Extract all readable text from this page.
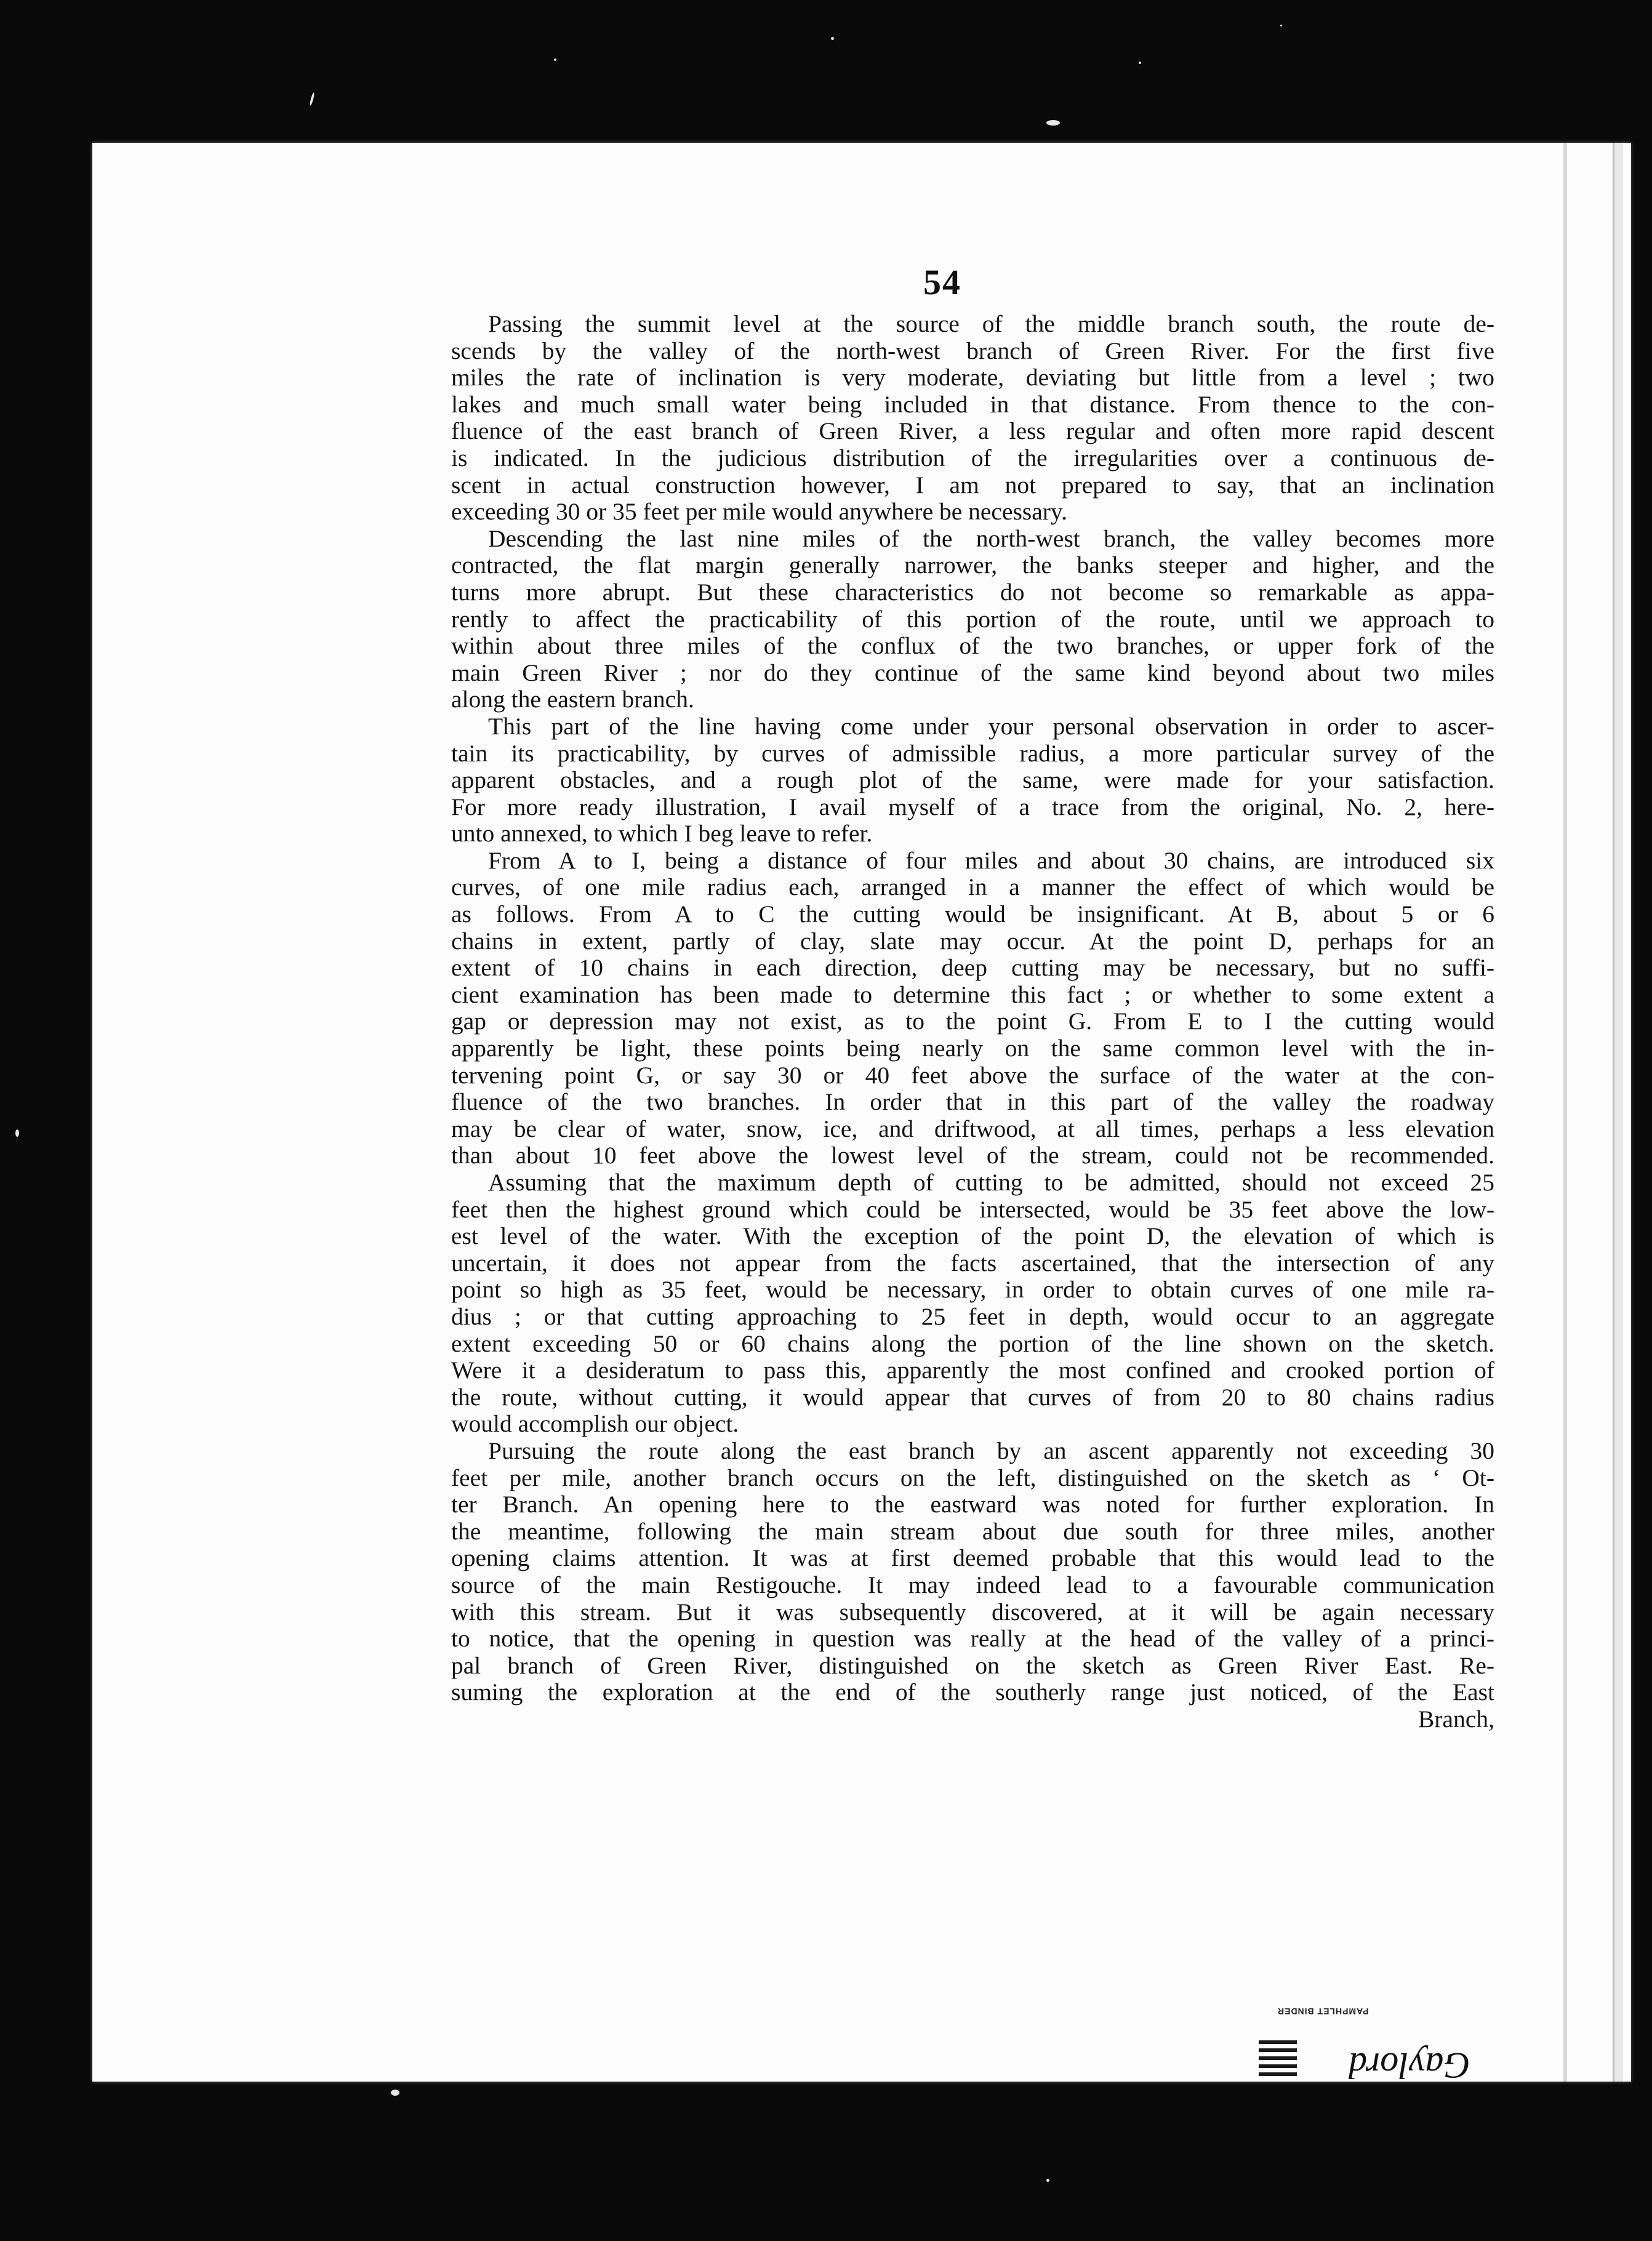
54
Passing the summit level at the source of the middle branch south, the route de-
scends by the valley of the north-west branch of Green River. For the first five
miles the rate of inclination is very moderate, deviating but little from a level ; two
lakes and much small water being included in that distance. From thence to the con-
fluence of the east branch of Green River, a less regular and often more rapid descent
is indicated. In the judicious distribution of the irregularities over a continuous de-
scent in actual construction however, I am not prepared to say, that an inclination
exceeding 30 or 35 feet per mile would anywhere be necessary.
Descending the last nine miles of the north-west branch, the valley becomes more
contracted, the flat margin generally narrower, the banks steeper and higher, and the
turns more abrupt. But these characteristics do not become so remarkable as appa-
rently to affect the practicability of this portion of the route, until we approach to
within about three miles of the conflux of the two branches, or upper fork of the
main Green River ; nor do they continue of the same kind beyond about two miles
along the eastern branch.
This part of the line having come under your personal observation in order to ascer-
tain its practicability, by curves of admissible radius, a more particular survey of the
apparent obstacles, and a rough plot of the same, were made for your satisfaction.
For more ready illustration, I avail myself of a trace from the original, No. 2, here-
unto annexed, to which I beg leave to refer.
From A to I, being a distance of four miles and about 30 chains, are introduced six
curves, of one mile radius each, arranged in a manner the effect of which would be
as follows. From A to C the cutting would be insignificant. At B, about 5 or 6
chains in extent, partly of clay, slate may occur. At the point D, perhaps for an
extent of 10 chains in each direction, deep cutting may be necessary, but no suffi-
cient examination has been made to determine this fact ; or whether to some extent a
gap or depression may not exist, as to the point G. From E to I the cutting would
apparently be light, these points being nearly on the same common level with the in-
tervening point G, or say 30 or 40 feet above the surface of the water at the con-
fluence of the two branches. In order that in this part of the valley the roadway
may be clear of water, snow, ice, and driftwood, at all times, perhaps a less elevation
than about 10 feet above the lowest level of the stream, could not be recommended.
Assuming that the maximum depth of cutting to be admitted, should not exceed 25
feet then the highest ground which could be intersected, would be 35 feet above the low-
est level of the water. With the exception of the point D, the elevation of which is
uncertain, it does not appear from the facts ascertained, that the intersection of any
point so high as 35 feet, would be necessary, in order to obtain curves of one mile ra-
dius ; or that cutting approaching to 25 feet in depth, would occur to an aggregate
extent exceeding 50 or 60 chains along the portion of the line shown on the sketch.
Were it a desideratum to pass this, apparently the most confined and crooked portion of
the route, without cutting, it would appear that curves of from 20 to 80 chains radius
would accomplish our object.
Pursuing the route along the east branch by an ascent apparently not exceeding 30
feet per mile, another branch occurs on the left, distinguished on the sketch as ‘ Ot-
ter Branch. An opening here to the eastward was noted for further exploration. In
the meantime, following the main stream about due south for three miles, another
opening claims attention. It was at first deemed probable that this would lead to the
source of the main Restigouche. It may indeed lead to a favourable communication
with this stream. But it was subsequently discovered, at it will be again necessary
to notice, that the opening in question was really at the head of the valley of a princi-
pal branch of Green River, distinguished on the sketch as Green River East. Re-
suming the exploration at the end of the southerly range just noticed, of the East
Branch,
PAMPHLET BINDER
Gaylord
